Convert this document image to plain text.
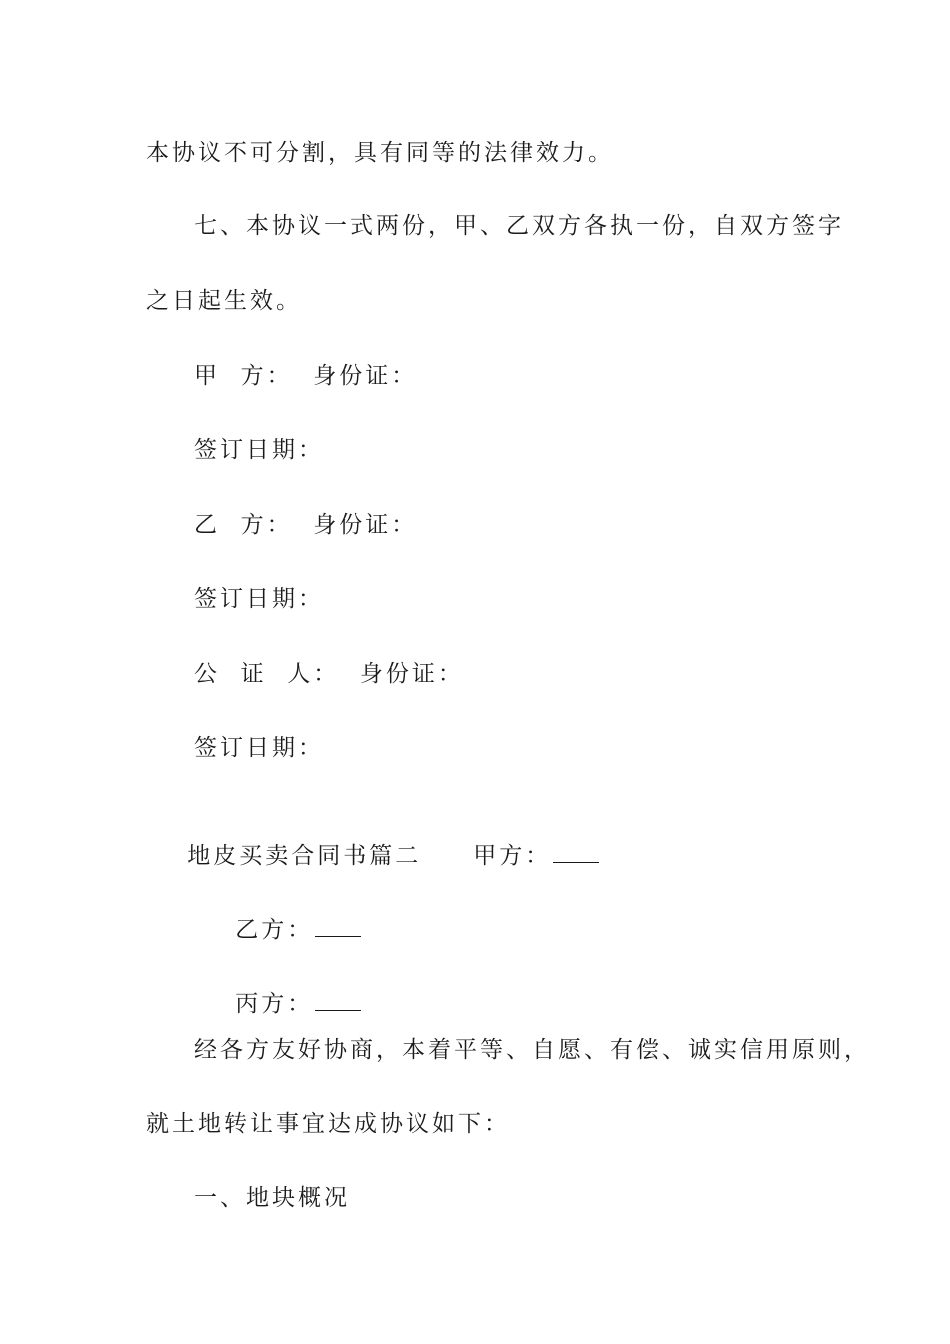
本协议不可分割，具有同等的法律效力。
七、本协议一式两份，甲、乙双方各执一份，自双方签字
之日起生效。
甲  方：  身份证：
签订日期：
乙  方：  身份证：
签订日期：
公  证  人：  身份证：
签订日期：

地皮买卖合同书篇二 甲方：

乙方：

丙方：

经各方友好协商，本着平等、自愿、有偿、诚实信用原则，
就土地转让事宜达成协议如下：
一、地块概况
